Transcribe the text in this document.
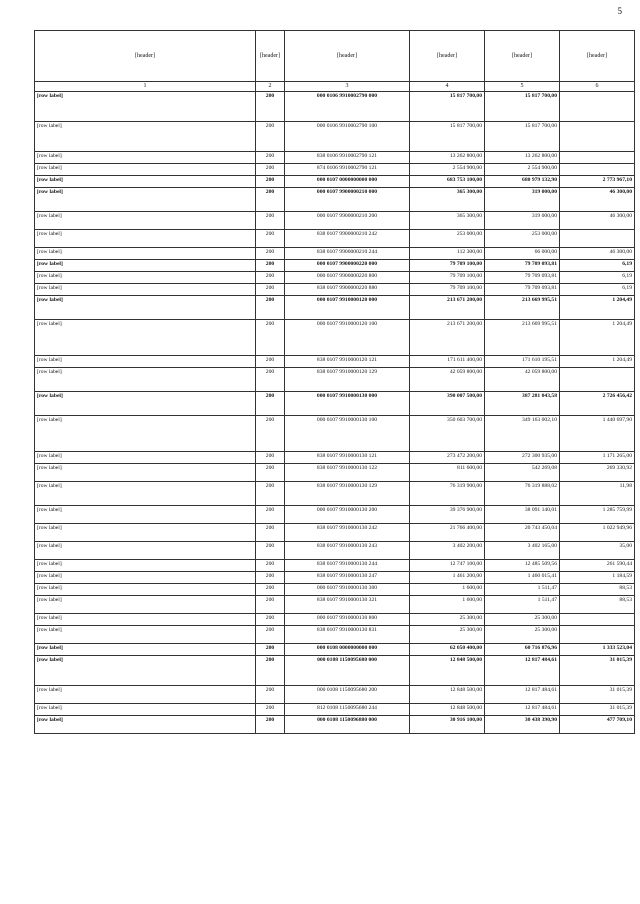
5
[header]	[header]	[header]	[header]	[header]	[header]
1	2	3	4	5	6
[row label]	200	000 0106 9910002790 000	15 817 700,00	15 817 700,00	
[row label]	200	000 0106 9910002790 100	15 817 700,00	15 817 700,00	
[row label]	200	838 0106 9910002790 121	13 262 800,00	13 262 800,00	
[row label]	200	874 0106 9910002790 121	2 554 900,00	2 554 900,00	
[row label]	200	000 0107 0000000000 000	683 753 100,00	680 979 132,90	2 773 967,10
[row label]	200	000 0107 9900000210 000	365 300,00	319 000,00	46 300,00
[row label]	200	000 0107 9900000210 200	365 300,00	319 000,00	46 300,00
[row label]	200	838 0107 9900000210 242	253 000,00	253 000,00	
[row label]	200	838 0107 9900000210 244	112 300,00	66 000,00	46 300,00
[row label]	200	000 0107 9900000220 000	79 709 100,00	79 709 093,81	6,19
[row label]	200	000 0107 9900000220 800	79 709 100,00	79 709 093,81	6,19
[row label]	200	838 0107 9900000220 880	79 709 100,00	79 709 093,81	6,19
[row label]	200	000 0107 9910000120 000	213 671 200,00	213 669 995,51	1 204,49
[row label]	200	000 0107 9910000120 100	213 671 200,00	213 669 995,51	1 204,49
[row label]	200	838 0107 9910000120 121	171 611 400,00	171 610 195,51	1 204,49
[row label]	200	838 0107 9910000120 129	42 059 800,00	42 059 800,00	
[row label]	200	000 0107 9910000130 000	390 007 500,00	387 281 043,58	2 726 456,42
[row label]	200	000 0107 9910000130 100	350 603 700,00	349 163 002,10	1 440 697,90
[row label]	200	838 0107 9910000130 121	273 472 200,00	272 300 935,00	1 171 265,00
[row label]	200	838 0107 9910000130 122	811 600,00	542 269,08	269 330,92
[row label]	200	838 0107 9910000130 129	76 319 900,00	76 319 888,02	11,98
[row label]	200	000 0107 9910000130 200	39 376 900,00	38 091 140,01	1 285 759,99
[row label]	200	838 0107 9910000130 242	21 766 400,00	20 743 450,04	1 022 949,96
[row label]	200	838 0107 9910000130 243	3 402 200,00	3 402 165,00	35,00
[row label]	200	838 0107 9910000130 244	12 747 100,00	12 485 509,56	261 590,44
[row label]	200	838 0107 9910000130 247	1 461 200,00	1 460 015,41	1 184,59
[row label]	200	000 0107 9910000130 300	1 600,00	1 511,47	88,53
[row label]	200	838 0107 9910000130 321	1 600,00	1 511,47	88,53
[row label]	200	000 0107 9910000130 800	25 300,00	25 300,00	
[row label]	200	838 0107 9910000130 831	25 300,00	25 300,00	
[row label]	200	000 0108 0000000000 000	62 050 400,00	60 716 876,96	1 333 523,04
[row label]	200	000 0108 1150095680 000	12 848 500,00	12 817 484,61	31 015,39
[row label]	200	000 0108 1150095680 200	12 848 500,00	12 817 484,61	31 015,39
[row label]	200	812 0108 1150095680 244	12 848 500,00	12 817 484,61	31 015,39
[row label]	200	000 0108 1150096880 000	30 916 100,00	30 438 390,90	477 709,10
